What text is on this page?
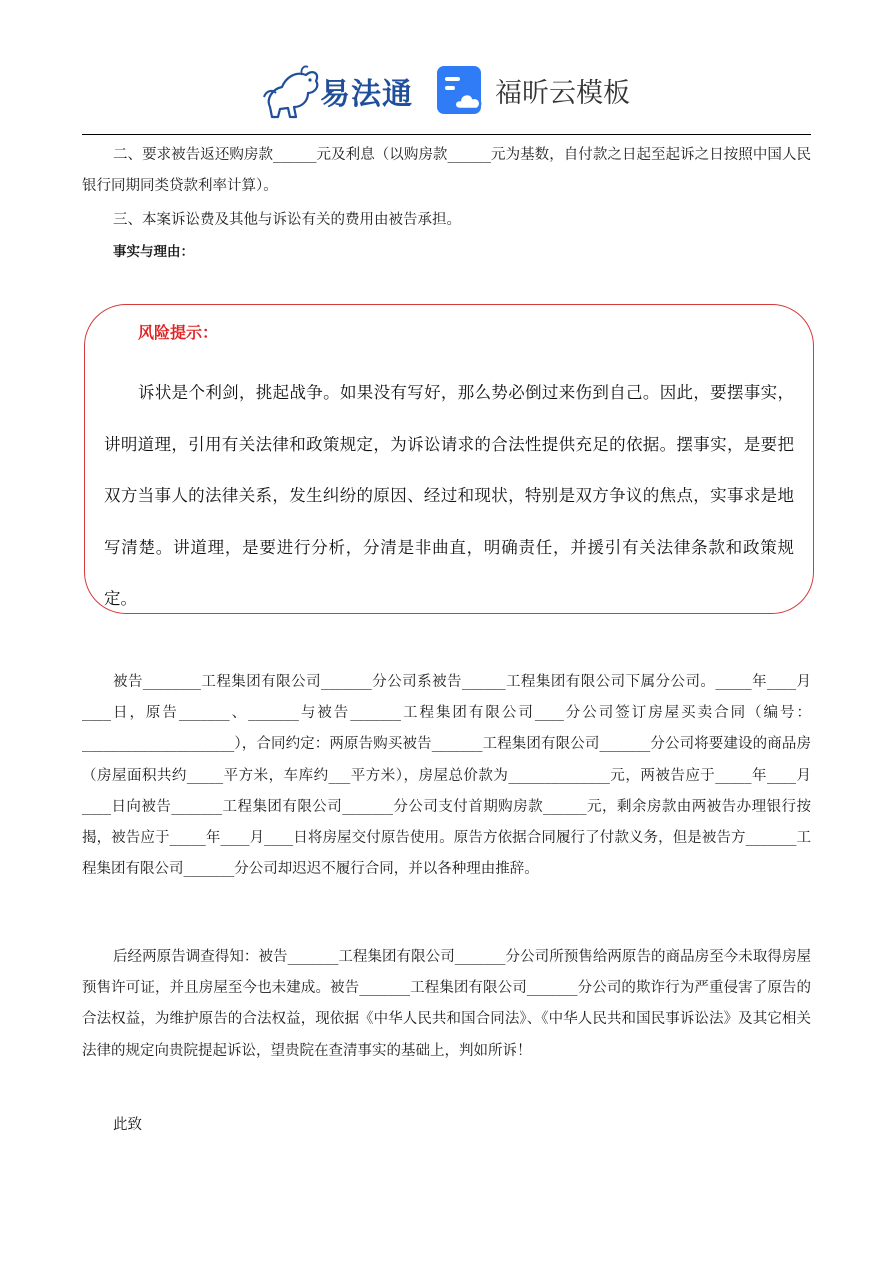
易法通	福昕云模板
二、要求被告返还购房款______元及利息（以购房款______元为基数，自付款之日起至起诉之日按照中国人民银行同期同类贷款利率计算）。
三、本案诉讼费及其他与诉讼有关的费用由被告承担。
事实与理由：
风险提示：
诉状是个利剑，挑起战争。如果没有写好，那么势必倒过来伤到自己。因此，要摆事实，讲明道理，引用有关法律和政策规定，为诉讼请求的合法性提供充足的依据。摆事实，是要把双方当事人的法律关系，发生纠纷的原因、经过和现状，特别是双方争议的焦点，实事求是地写清楚。讲道理，是要进行分析，分清是非曲直，明确责任，并援引有关法律条款和政策规定。
被告________工程集团有限公司_______分公司系被告______工程集团有限公司下属分公司。_____年____月____日，原告_______、_______与被告_______工程集团有限公司____分公司签订房屋买卖合同（编号：_____________________），合同约定：两原告购买被告_______工程集团有限公司_______分公司将要建设的商品房（房屋面积共约_____平方米，车库约___平方米），房屋总价款为______________元，两被告应于_____年____月____日向被告_______工程集团有限公司_______分公司支付首期购房款______元，剩余房款由两被告办理银行按揭，被告应于_____年____月____日将房屋交付原告使用。原告方依据合同履行了付款义务，但是被告方_______工程集团有限公司_______分公司却迟迟不履行合同，并以各种理由推辞。
后经两原告调查得知：被告_______工程集团有限公司_______分公司所预售给两原告的商品房至今未取得房屋预售许可证，并且房屋至今也未建成。被告_______工程集团有限公司_______分公司的欺诈行为严重侵害了原告的合法权益，为维护原告的合法权益，现依据《中华人民共和国合同法》、《中华人民共和国民事诉讼法》及其它相关法律的规定向贵院提起诉讼，望贵院在查清事实的基础上，判如所诉！
此致
